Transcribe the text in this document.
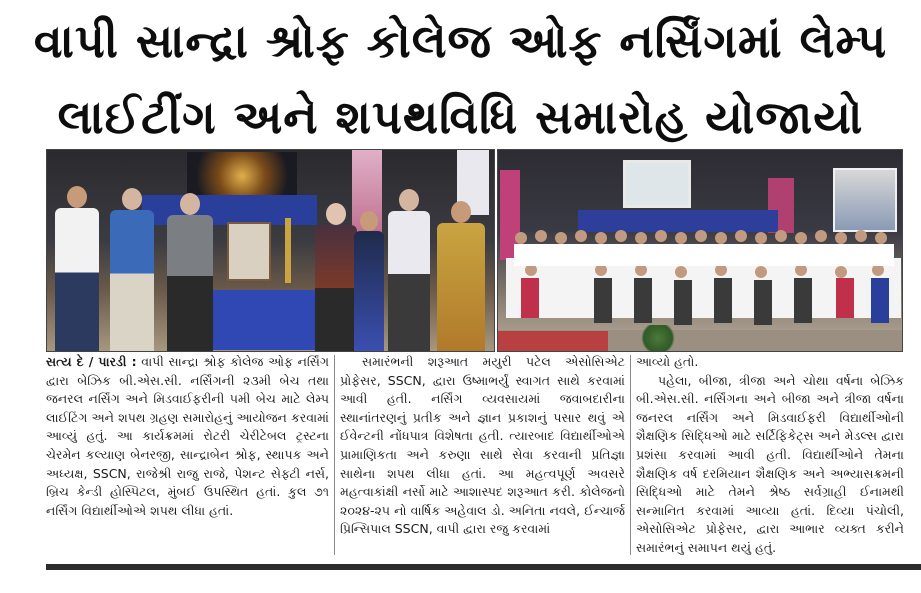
વાપી સાન્દ્રા શ્રોફ કોલેજ ઓફ નર્સિંગમાં લેમ્પ
લાઈટીંગ અને શપથવિધિ સમારોહ યોજાયો
સત્ય દે / પારડી : વાપી સાન્દ્રા શ્રોફ કોલેજ ઓફ નર્સિંગ દ્વારા બેઝિક બી.એસ.સી. નર્સિંગની ૨૩મી બેચ તથા જનરલ નર્સિંગ અને મિડવાઈફરીની ૫મી બેચ માટે લેમ્પ લાઈટિંગ અને શપથ ગ્રહણ સમારોહનું આયોજન કરવામાં આવ્યું હતું. આ કાર્યક્રમમાં રોટરી ચેરીટેબલ ટ્રસ્ટના ચેરમેન કલ્યાણ બેનરજી, સાન્દ્રાબેન શ્રોફ, સ્થાપક અને અધ્યક્ષ, SSCN, રાજેશ્રી રાજુ રાજે, પેશન્ટ સેફ્ટી નર્સ, બ્રિચ કેન્ડી હોસ્પિટલ, મુંબઈ ઉપસ્થિત હતાં. કુલ ૭૧ નર્સિંગ વિદ્યાર્થીઓએ શપથ લીધા હતાં.
સમારંભની શરૂઆત મયુરી પટેલ એસોસિએટ પ્રોફેસર, SSCN, દ્વારા ઉષ્માભર્યું સ્વાગત સાથે કરવામાં આવી હતી. નર્સિંગ વ્યવસાયમાં જવાબદારીના સ્થાનાંતરણનું પ્રતીક અને જ્ઞાન પ્રકાશનું પસાર થવું એ ઈવેન્ટની નોંધપાત્ર વિશેષતા હતી. ત્યારબાદ વિદ્યાર્થીઓએ પ્રામાણિકતા અને કરુણા સાથે સેવા કરવાની પ્રતિજ્ઞા સાથેના શપથ લીધા હતાં. આ મહત્વપૂર્ણ અવસરે મહત્વાકાંક્ષી નર્સો માટે આશાસ્પદ શરૂઆત કરી. કોલેજનો ૨૦૨૪-૨૫ નો વાર્ષિક અહેવાલ ડો. અનિતા નવલે, ઈન્ચાર્જ પ્રિન્સિપાલ SSCN, વાપી દ્વારા રજુ કરવામાં
આવ્યો હતો.
પહેલા, બીજા, ત્રીજા અને ચોથા વર્ષના બેઝિક બી.એસ.સી. નર્સિંગના અને બીજા અને ત્રીજા વર્ષના જનરલ નર્સિંગ અને મિડવાઈફરી વિદ્યાર્થીઓની શૈક્ષણિક સિદ્ધિઓ માટે સર્ટિફિકેટ્સ અને મેડલ્સ દ્વારા પ્રશંસા કરવામાં આવી હતી. વિદ્યાર્થીઓને તેમના શૈક્ષણિક વર્ષ દરમિયાન શૈક્ષણિક અને અભ્યાસક્રમની સિદ્ધિઓ માટે તેમને શ્રેષ્ઠ સર્વગ્રાહી ઈનામથી સન્માનિત કરવામાં આવ્યા હતાં. દિવ્યા પંચોલી, એસોસિએટ પ્રોફેસર, દ્વારા આભાર વ્યક્ત કરીને સમારંભનું સમાપન થયું હતું.
